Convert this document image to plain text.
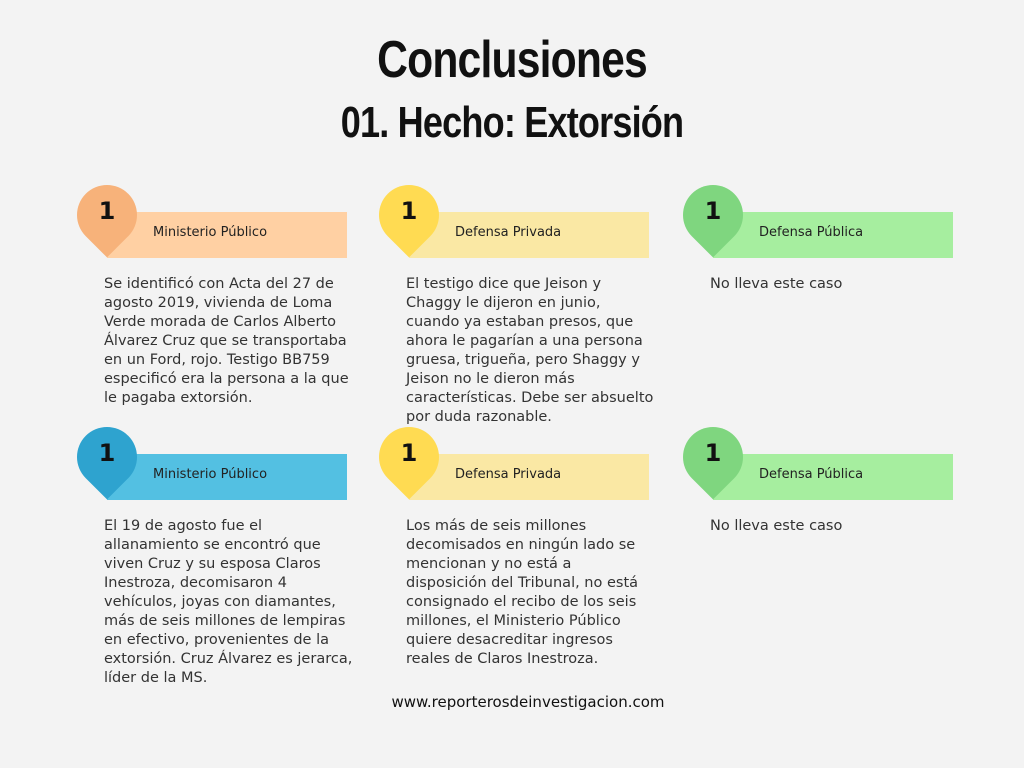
Conclusiones
01. Hecho: Extorsión
1
Ministerio Público
Se identificó con Acta del 27 de agosto 2019, vivienda de Loma Verde morada de Carlos Alberto Álvarez Cruz que se transportaba en un Ford, rojo. Testigo BB759 especificó era la persona a la que le pagaba extorsión.
1
Defensa Privada
El testigo dice que Jeison y Chaggy le dijeron en junio, cuando ya estaban presos, que ahora le pagarían a una persona gruesa, trigueña, pero Shaggy y Jeison no le dieron más características. Debe ser absuelto por duda razonable.
1
Defensa Pública
No lleva este caso
1
Ministerio Público
El 19 de agosto fue el allanamiento se encontró que viven Cruz y su esposa Claros Inestroza, decomisaron 4 vehículos, joyas con diamantes, más de seis millones de lempiras en efectivo, provenientes de la extorsión. Cruz Álvarez es jerarca, líder de la MS.
1
Defensa Privada
Los más de seis millones decomisados en ningún lado se mencionan y no está a disposición del Tribunal, no está consignado el recibo de los seis millones, el Ministerio Público quiere desacreditar ingresos reales de Claros Inestroza.
1
Defensa Pública
No lleva este caso
www.reporterosdeinvestigacion.com
